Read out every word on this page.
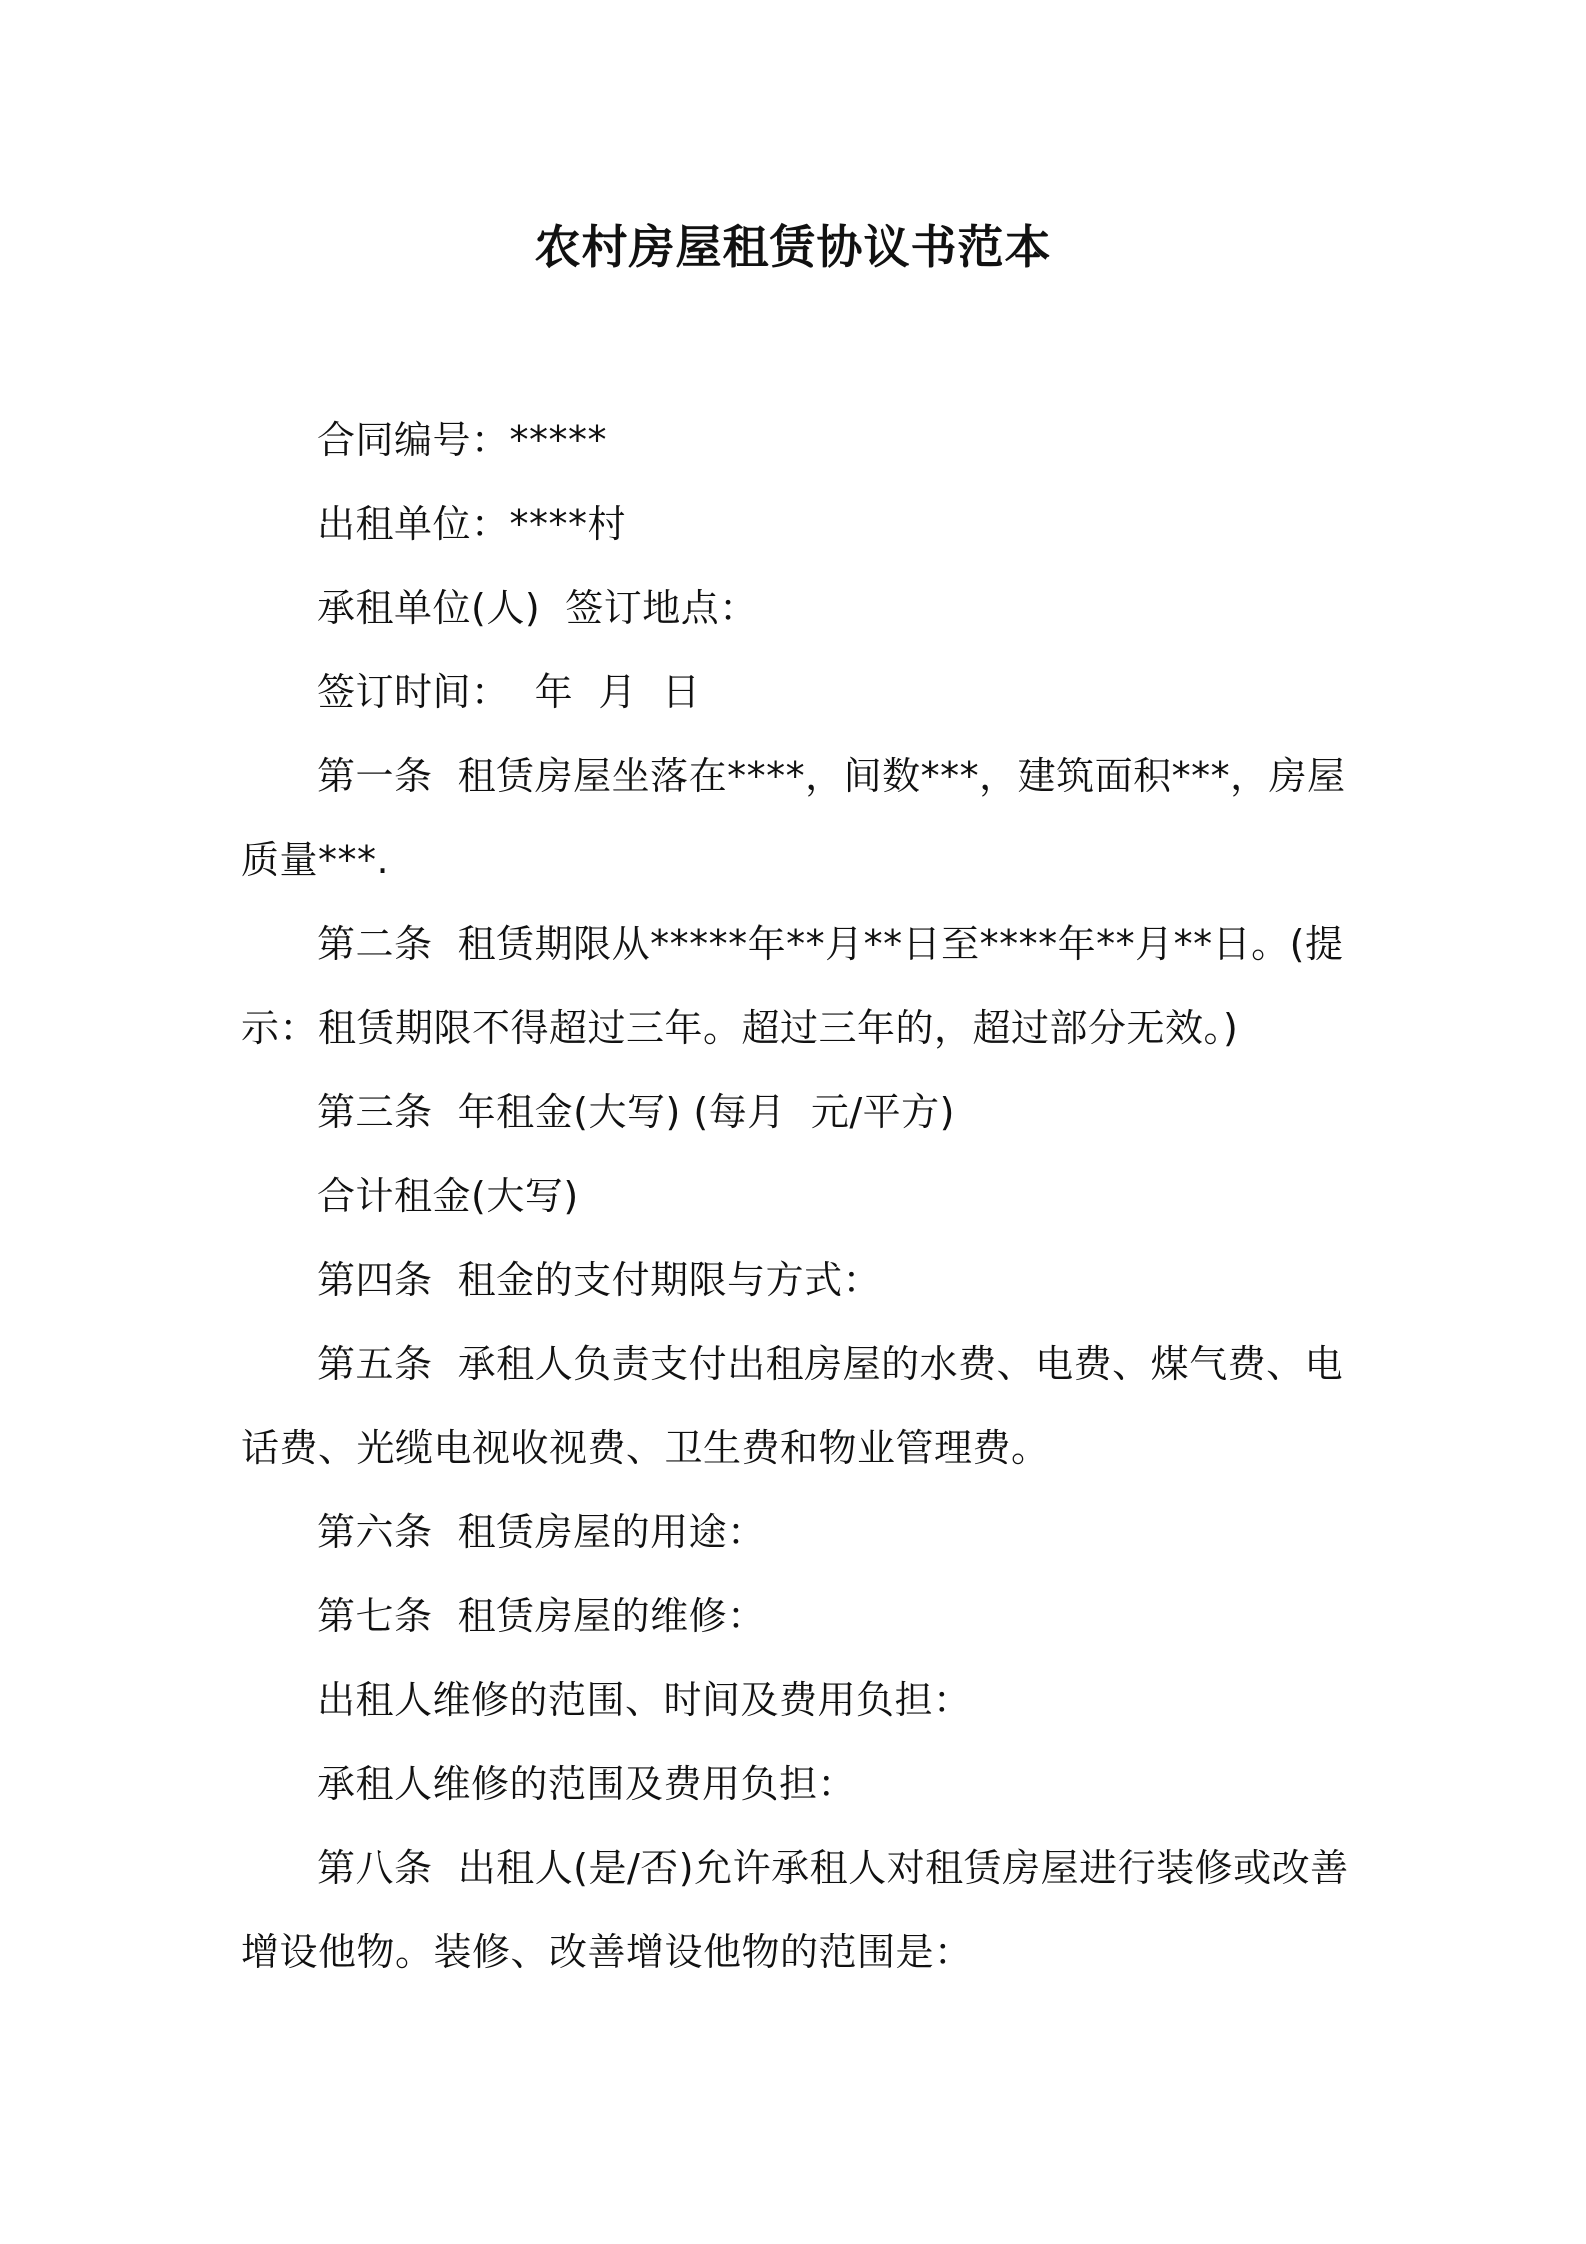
农村房屋租赁协议书范本

合同编号：*****

出租单位：****村

承租单位(人)  签订地点：

签订时间：  年  月  日

第一条  租赁房屋坐落在****，间数***，建筑面积***，房屋质量***.

第二条  租赁期限从*****年**月**日至****年**月**日。(提示：租赁期限不得超过三年。超过三年的，超过部分无效。)

第三条  年租金(大写) (每月  元/平方)

合计租金(大写)

第四条  租金的支付期限与方式：

第五条  承租人负责支付出租房屋的水费、电费、煤气费、电话费、光缆电视收视费、卫生费和物业管理费。

第六条  租赁房屋的用途：

第七条  租赁房屋的维修：

出租人维修的范围、时间及费用负担：

承租人维修的范围及费用负担：

第八条  出租人(是/否)允许承租人对租赁房屋进行装修或改善增设他物。装修、改善增设他物的范围是：
